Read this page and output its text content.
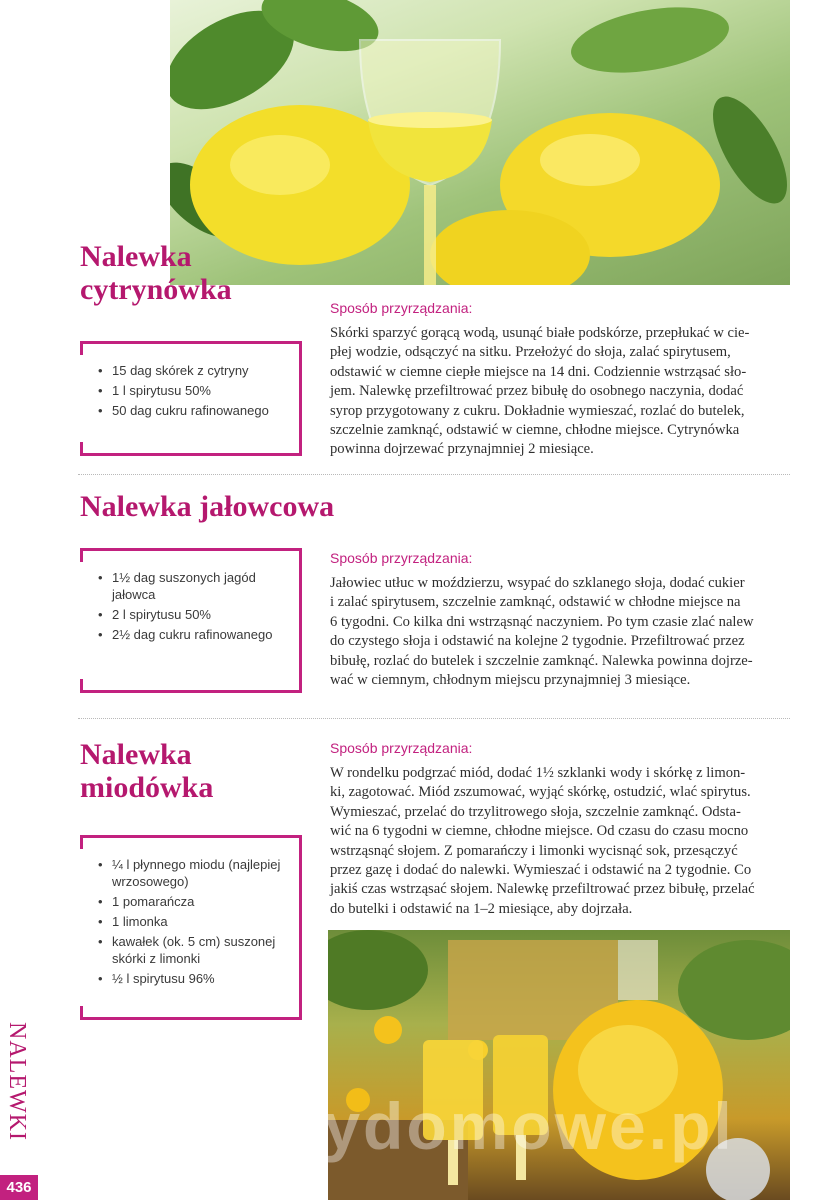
Nalewka
cytrynówka
• 15 dag skórek z cytryny
• 1 l spirytusu 50%
• 50 dag cukru rafinowanego
Sposób przyrządzania:
Skórki sparzyć gorącą wodą, usunąć białe podskórze, przepłukać w cie-
płej wodzie, odsączyć na sitku. Przełożyć do słoja, zalać spirytusem,
odstawić w ciemne ciepłe miejsce na 14 dni. Codziennie wstrząsać sło-
jem. Nalewkę przefiltrować przez bibułę do osobnego naczynia, dodać
syrop przygotowany z cukru. Dokładnie wymieszać, rozlać do butelek,
szczelnie zamknąć, odstawić w ciemne, chłodne miejsce. Cytrynówka
powinna dojrzewać przynajmniej 2 miesiące.
Nalewka jałowcowa
• 1½ dag suszonych jagód jałowca
• 2 l spirytusu 50%
• 2½ dag cukru rafinowanego
Sposób przyrządzania:
Jałowiec utłuc w moździerzu, wsypać do szklanego słoja, dodać cukier
i zalać spirytusem, szczelnie zamknąć, odstawić w chłodne miejsce na
6 tygodni. Co kilka dni wstrząsnąć naczyniem. Po tym czasie zlać nalew
do czystego słoja i odstawić na kolejne 2 tygodnie. Przefiltrować przez
bibułę, rozlać do butelek i szczelnie zamknąć. Nalewka powinna dojrze-
wać w ciemnym, chłodnym miejscu przynajmniej 3 miesiące.
Nalewka
miodówka
• ¼ l płynnego miodu (najlepiej wrzosowego)
• 1 pomarańcza
• 1 limonka
• kawałek (ok. 5 cm) suszonej skórki z limonki
• ½ l spirytusu 96%
Sposób przyrządzania:
W rondelku podgrzać miód, dodać 1½ szklanki wody i skórkę z limon-
ki, zagotować. Miód zszumować, wyjąć skórkę, ostudzić, wlać spirytus.
Wymieszać, przelać do trzylitrowego słoja, szczelnie zamknąć. Odsta-
wić na 6 tygodni w ciemne, chłodne miejsce. Od czasu do czasu mocno
wstrząsnąć słojem. Z pomarańczy i limonki wycisnąć sok, przesączyć
przez gazę i dodać do nalewki. Wymieszać i odstawić na 2 tygodnie. Co
jakiś czas wstrząsać słojem. Nalewkę przefiltrować przez bibułę, przelać
do butelki i odstawić na 1–2 miesiące, aby dojrzała.
wedlinydomowe.pl
NALEWKI
436
